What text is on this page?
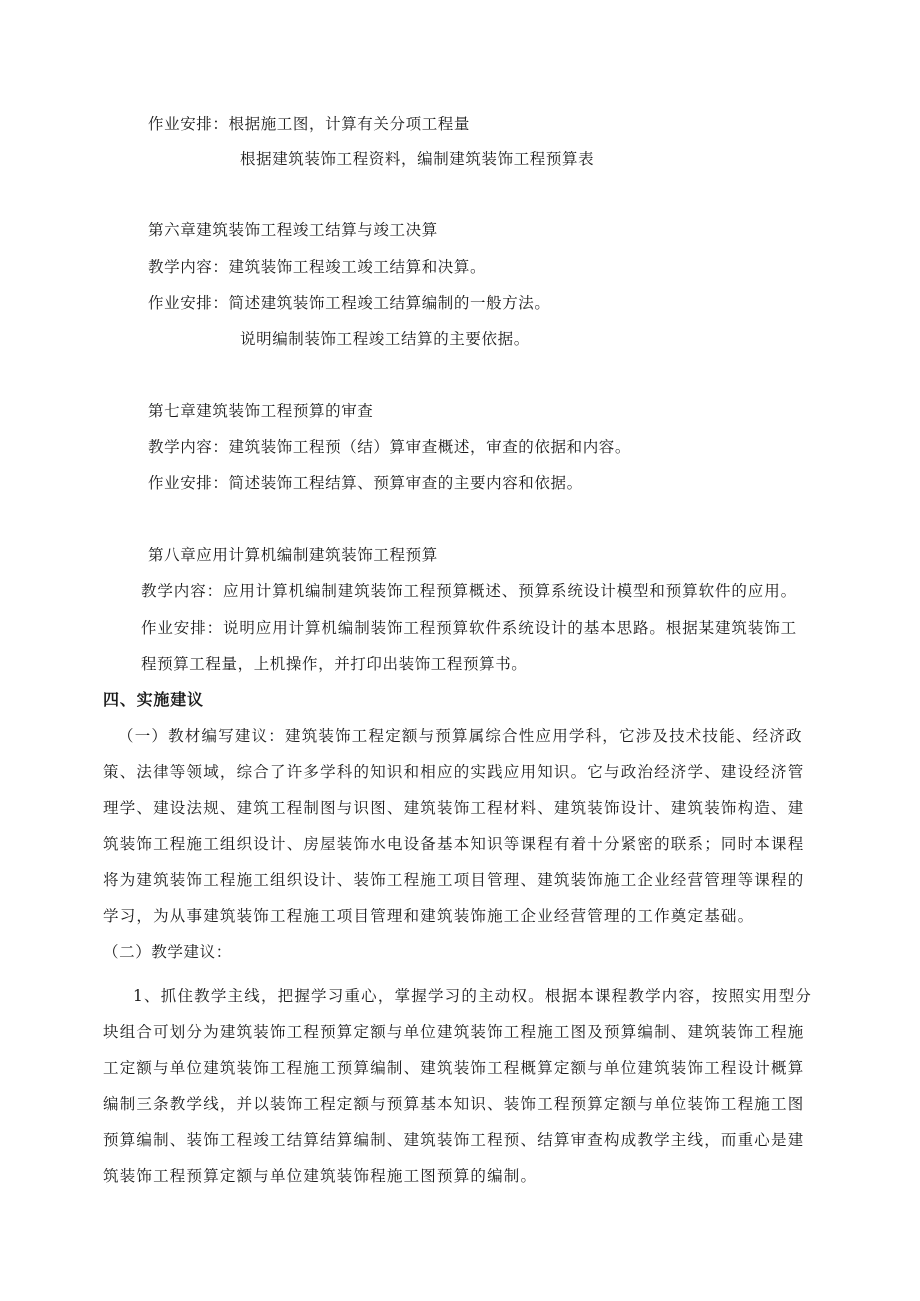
作业安排：根据施工图，计算有关分项工程量
根据建筑装饰工程资料，编制建筑装饰工程预算表
第六章建筑装饰工程竣工结算与竣工决算
教学内容：建筑装饰工程竣工竣工结算和决算。
作业安排：简述建筑装饰工程竣工结算编制的一般方法。
说明编制装饰工程竣工结算的主要依据。
第七章建筑装饰工程预算的审查
教学内容：建筑装饰工程预（结）算审查概述，审查的依据和内容。
作业安排：简述装饰工程结算、预算审查的主要内容和依据。
第八章应用计算机编制建筑装饰工程预算
教学内容：应用计算机编制建筑装饰工程预算概述、预算系统设计模型和预算软件的应用。
作业安排：说明应用计算机编制装饰工程预算软件系统设计的基本思路。根据某建筑装饰工
程预算工程量，上机操作，并打印出装饰工程预算书。
四、实施建议
（一）教材编写建议：建筑装饰工程定额与预算属综合性应用学科，它涉及技术技能、经济政
策、法律等领域，综合了许多学科的知识和相应的实践应用知识。它与政治经济学、建设经济管
理学、建设法规、建筑工程制图与识图、建筑装饰工程材料、建筑装饰设计、建筑装饰构造、建
筑装饰工程施工组织设计、房屋装饰水电设备基本知识等课程有着十分紧密的联系；同时本课程
将为建筑装饰工程施工组织设计、装饰工程施工项目管理、建筑装饰施工企业经营管理等课程的
学习，为从事建筑装饰工程施工项目管理和建筑装饰施工企业经营管理的工作奠定基础。
（二）教学建议：
1、抓住教学主线，把握学习重心，掌握学习的主动权。根据本课程教学内容，按照实用型分
块组合可划分为建筑装饰工程预算定额与单位建筑装饰工程施工图及预算编制、建筑装饰工程施
工定额与单位建筑装饰工程施工预算编制、建筑装饰工程概算定额与单位建筑装饰工程设计概算
编制三条教学线，并以装饰工程定额与预算基本知识、装饰工程预算定额与单位装饰工程施工图
预算编制、装饰工程竣工结算结算编制、建筑装饰工程预、结算审查构成教学主线，而重心是建
筑装饰工程预算定额与单位建筑装饰程施工图预算的编制。
